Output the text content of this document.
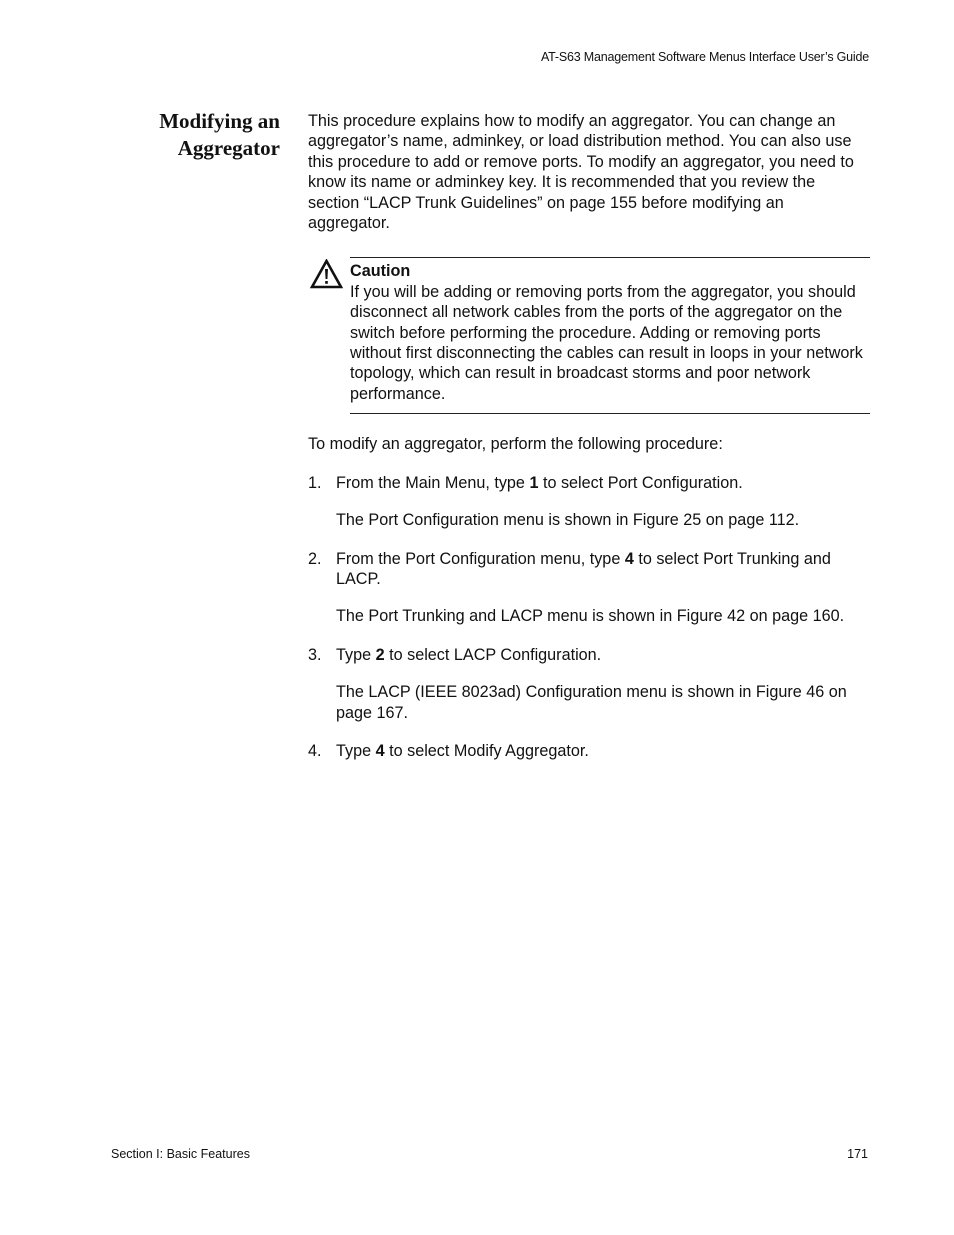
AT-S63 Management Software Menus Interface User’s Guide
Modifying an
Aggregator

This procedure explains how to modify an aggregator. You can change an aggregator’s name, adminkey, or load distribution method. You can also use this procedure to add or remove ports. To modify an aggregator, you need to know its name or adminkey key. It is recommended that you review the section “LACP Trunk Guidelines” on page 155 before modifying an aggregator.

Caution
If you will be adding or removing ports from the aggregator, you should disconnect all network cables from the ports of the aggregator on the switch before performing the procedure. Adding or removing ports without first disconnecting the cables can result in loops in your network topology, which can result in broadcast storms and poor network performance.

To modify an aggregator, perform the following procedure:

1. From the Main Menu, type 1 to select Port Configuration.
The Port Configuration menu is shown in Figure 25 on page 112.
2. From the Port Configuration menu, type 4 to select Port Trunking and LACP.
The Port Trunking and LACP menu is shown in Figure 42 on page 160.
3. Type 2 to select LACP Configuration.
The LACP (IEEE 8023ad) Configuration menu is shown in Figure 46 on page 167.
4. Type 4 to select Modify Aggregator.
Section I: Basic Features	171
